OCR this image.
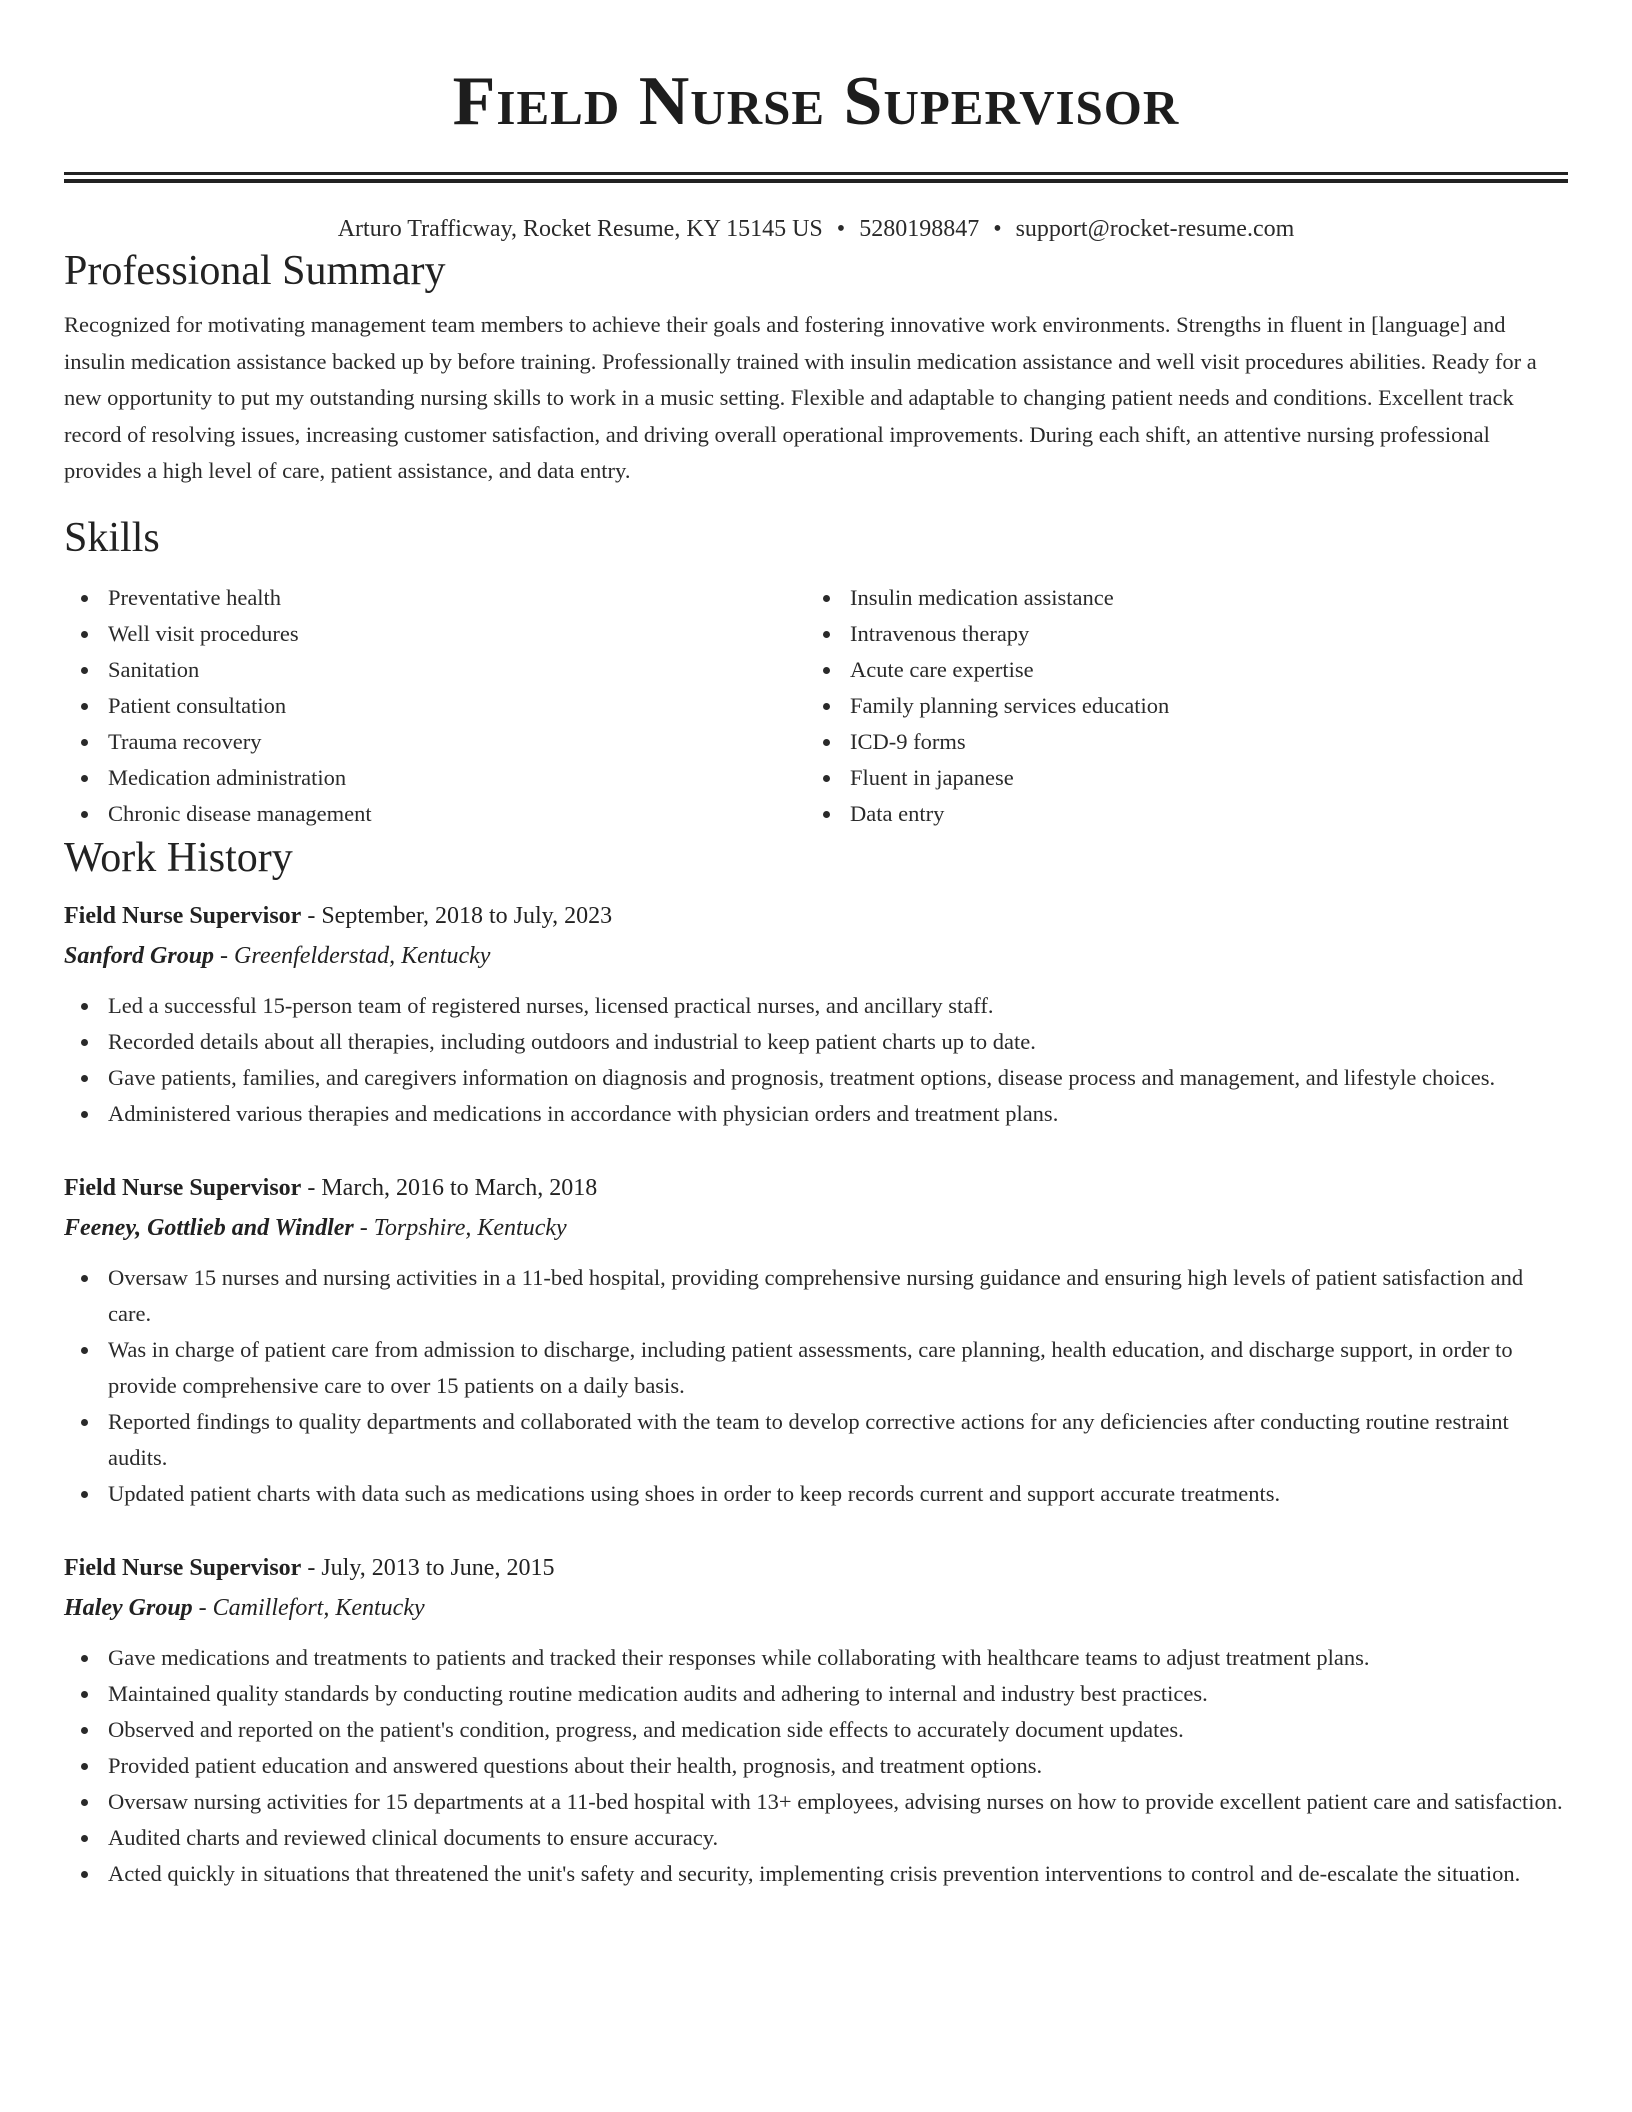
Field Nurse Supervisor
Arturo Trafficway, Rocket Resume, KY 15145 US • 5280198847 • support@rocket-resume.com
Professional Summary

Recognized for motivating management team members to achieve their goals and fostering innovative work environments. Strengths in fluent in [language] and insulin medication assistance backed up by before training. Professionally trained with insulin medication assistance and well visit procedures abilities. Ready for a new opportunity to put my outstanding nursing skills to work in a music setting. Flexible and adaptable to changing patient needs and conditions. Excellent track record of resolving issues, increasing customer satisfaction, and driving overall operational improvements. During each shift, an attentive nursing professional provides a high level of care, patient assistance, and data entry.

Skills
Preventative health
Well visit procedures
Sanitation
Patient consultation
Trauma recovery
Medication administration
Chronic disease management
Insulin medication assistance
Intravenous therapy
Acute care expertise
Family planning services education
ICD-9 forms
Fluent in japanese
Data entry
Work History
Field Nurse Supervisor - September, 2018 to July, 2023
Sanford Group - Greenfelderstad, Kentucky
Led a successful 15-person team of registered nurses, licensed practical nurses, and ancillary staff.
Recorded details about all therapies, including outdoors and industrial to keep patient charts up to date.
Gave patients, families, and caregivers information on diagnosis and prognosis, treatment options, disease process and management, and lifestyle choices.
Administered various therapies and medications in accordance with physician orders and treatment plans.
Field Nurse Supervisor - March, 2016 to March, 2018
Feeney, Gottlieb and Windler - Torpshire, Kentucky
Oversaw 15 nurses and nursing activities in a 11-bed hospital, providing comprehensive nursing guidance and ensuring high levels of patient satisfaction and care.
Was in charge of patient care from admission to discharge, including patient assessments, care planning, health education, and discharge support, in order to provide comprehensive care to over 15 patients on a daily basis.
Reported findings to quality departments and collaborated with the team to develop corrective actions for any deficiencies after conducting routine restraint audits.
Updated patient charts with data such as medications using shoes in order to keep records current and support accurate treatments.
Field Nurse Supervisor - July, 2013 to June, 2015
Haley Group - Camillefort, Kentucky
Gave medications and treatments to patients and tracked their responses while collaborating with healthcare teams to adjust treatment plans.
Maintained quality standards by conducting routine medication audits and adhering to internal and industry best practices.
Observed and reported on the patient's condition, progress, and medication side effects to accurately document updates.
Provided patient education and answered questions about their health, prognosis, and treatment options.
Oversaw nursing activities for 15 departments at a 11-bed hospital with 13+ employees, advising nurses on how to provide excellent patient care and satisfaction.
Audited charts and reviewed clinical documents to ensure accuracy.
Acted quickly in situations that threatened the unit's safety and security, implementing crisis prevention interventions to control and de-escalate the situation.
